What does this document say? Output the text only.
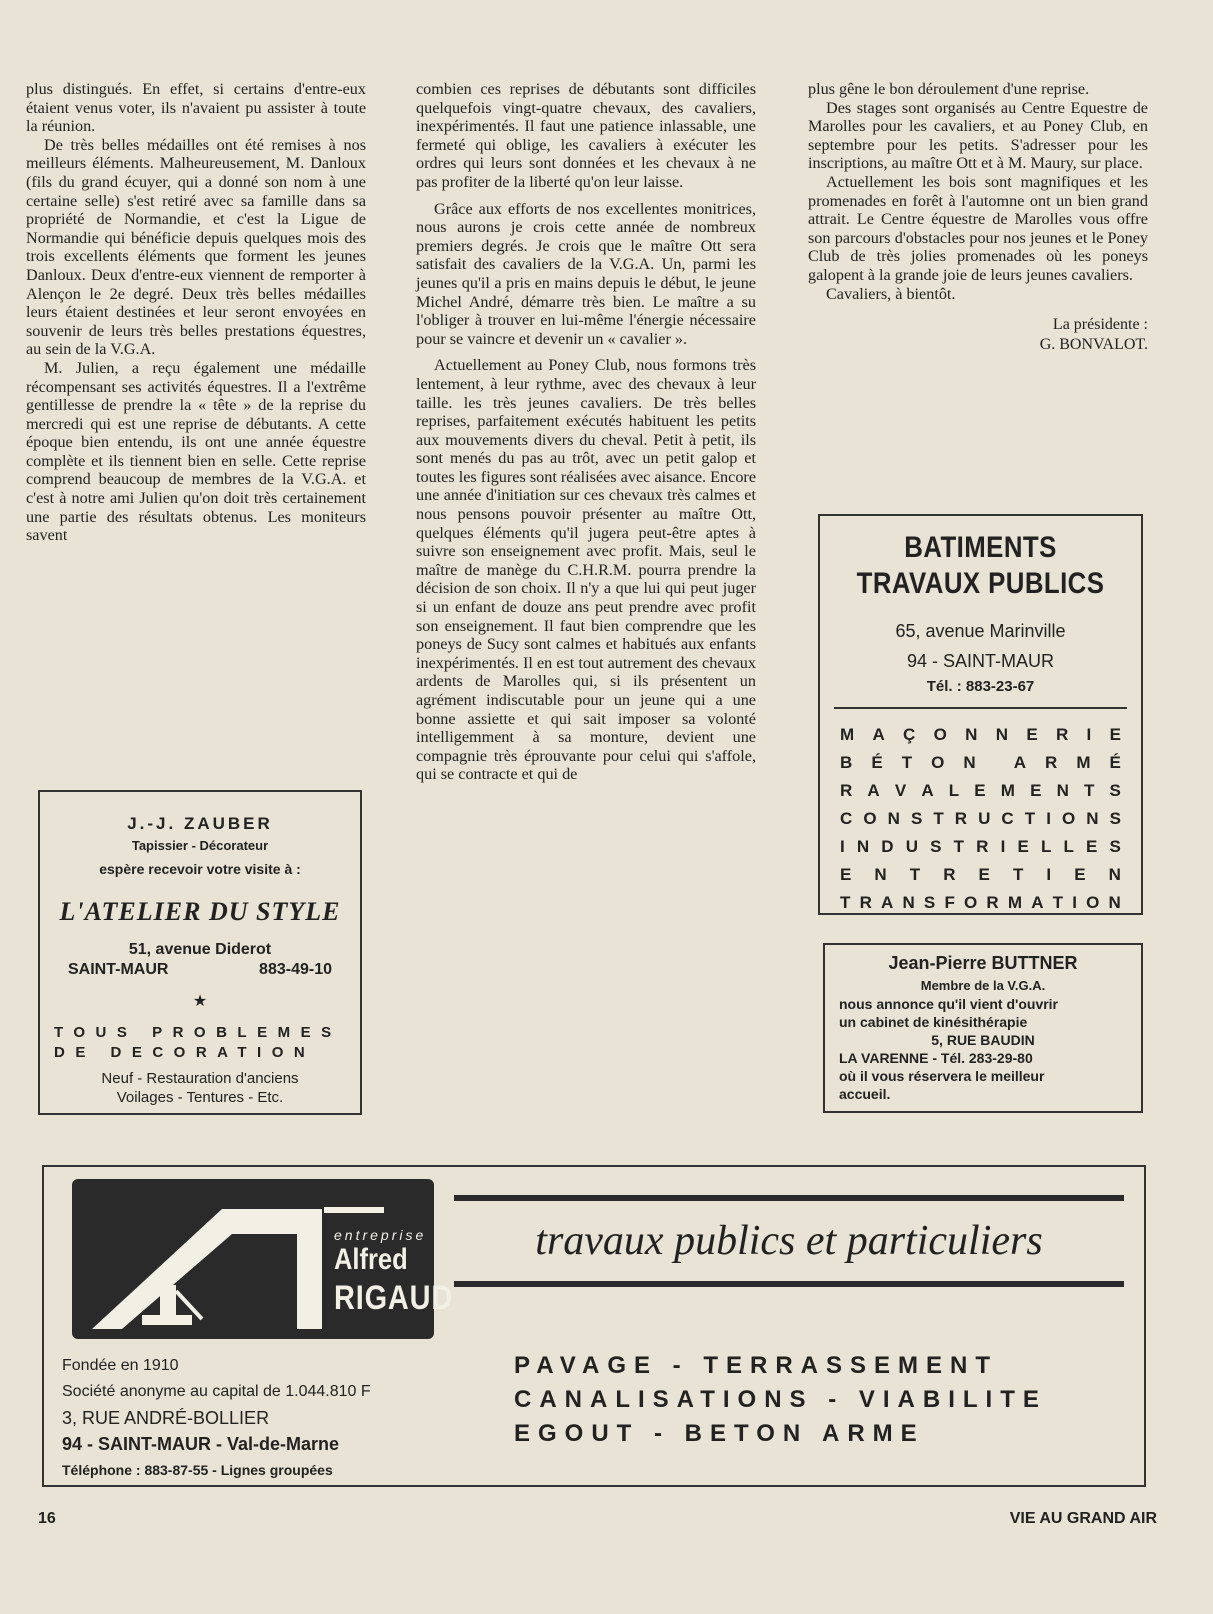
plus distingués. En effet, si certains d'entre-eux étaient venus voter, ils n'avaient pu assister à toute la réunion.

De très belles médailles ont été remises à nos meilleurs éléments. Malheureusement, M. Danloux (fils du grand écuyer, qui a donné son nom à une certaine selle) s'est retiré avec sa famille dans sa propriété de Normandie, et c'est la Ligue de Normandie qui bénéficie depuis quelques mois des trois excellents éléments que forment les jeunes Danloux. Deux d'entre-eux viennent de remporter à Alençon le 2e degré. Deux très belles médailles leurs étaient destinées et leur seront envoyées en souvenir de leurs très belles prestations équestres, au sein de la V.G.A.

M. Julien, a reçu également une médaille récompensant ses activités équestres. Il a l'extrême gentillesse de prendre la « tête » de la reprise du mercredi qui est une reprise de débutants. A cette époque bien entendu, ils ont une année équestre complète et ils tiennent bien en selle. Cette reprise comprend beaucoup de membres de la V.G.A. et c'est à notre ami Julien qu'on doit très certainement une partie des résultats obtenus. Les moniteurs savent

combien ces reprises de débutants sont difficiles quelquefois vingt-quatre chevaux, des cavaliers, inexpérimentés. Il faut une patience inlassable, une fermeté qui oblige, les cavaliers à exécuter les ordres qui leurs sont données et les chevaux à ne pas profiter de la liberté qu'on leur laisse.

Grâce aux efforts de nos excellentes monitrices, nous aurons je crois cette année de nombreux premiers degrés. Je crois que le maître Ott sera satisfait des cavaliers de la V.G.A. Un, parmi les jeunes qu'il a pris en mains depuis le début, le jeune Michel André, démarre très bien. Le maître a su l'obliger à trouver en lui-même l'énergie nécessaire pour se vaincre et devenir un « cavalier ».

Actuellement au Poney Club, nous formons très lentement, à leur rythme, avec des chevaux à leur taille. les très jeunes cavaliers. De très belles reprises, parfaitement exécutés habituent les petits aux mouvements divers du cheval. Petit à petit, ils sont menés du pas au trôt, avec un petit galop et toutes les figures sont réalisées avec aisance. Encore une année d'initiation sur ces chevaux très calmes et nous pensons pouvoir présenter au maître Ott, quelques éléments qu'il jugera peut-être aptes à suivre son enseignement avec profit. Mais, seul le maître de manège du C.H.R.M. pourra prendre la décision de son choix. Il n'y a que lui qui peut juger si un enfant de douze ans peut prendre avec profit son enseignement. Il faut bien comprendre que les poneys de Sucy sont calmes et habitués aux enfants inexpérimentés. Il en est tout autrement des chevaux ardents de Marolles qui, si ils présentent un agrément indiscutable pour un jeune qui a une bonne assiette et qui sait imposer sa volonté intelligemment à sa monture, devient une compagnie très éprouvante pour celui qui s'affole, qui se contracte et qui de

plus gêne le bon déroulement d'une reprise.

Des stages sont organisés au Centre Equestre de Marolles pour les cavaliers, et au Poney Club, en septembre pour les petits. S'adresser pour les inscriptions, au maître Ott et à M. Maury, sur place.

Actuellement les bois sont magnifiques et les promenades en forêt à l'automne ont un bien grand attrait. Le Centre équestre de Marolles vous offre son parcours d'obstacles pour nos jeunes et le Poney Club de très jolies promenades où les poneys galopent à la grande joie de leurs jeunes cavaliers.

Cavaliers, à bientôt.

La présidente :
G. BONVALOT.
J.-J. ZAUBER
Tapissier - Décorateur
espère recevoir votre visite à :
L'ATELIER DU STYLE
51, avenue Diderot
SAINT-MAUR	883-49-10
★
TOUS PROBLEMES
DE DECORATION
Neuf - Restauration d'anciens
Voilages - Tentures - Etc.
BATIMENTS
TRAVAUX PUBLICS
65, avenue Marinville
94 - SAINT-MAUR
Tél. : 883-23-67
M A Ç O N N E R I E
B É T O N A R M É
R A V A L E M E N T S
C O N S T R U C T I O N S
I N D U S T R I E L L E S
E N T R E T I E N
T R A N S F O R M A T I O N
Jean-Pierre BUTTNER
Membre de la V.G.A.
nous annonce qu'il vient d'ouvrir
un cabinet de kinésithérapie
5, RUE BAUDIN
LA VARENNE - Tél. 283-29-80
où il vous réservera le meilleur
accueil.
entreprise
Alfred
RIGAUD
travaux publics et particuliers
Fondée en 1910
Société anonyme au capital de 1.044.810 F
3, RUE ANDRÉ-BOLLIER
94 - SAINT-MAUR - Val-de-Marne
Téléphone : 883-87-55 - Lignes groupées
PAVAGE - TERRASSEMENT
CANALISATIONS - VIABILITE
EGOUT - BETON ARME
16	VIE AU GRAND AIR
